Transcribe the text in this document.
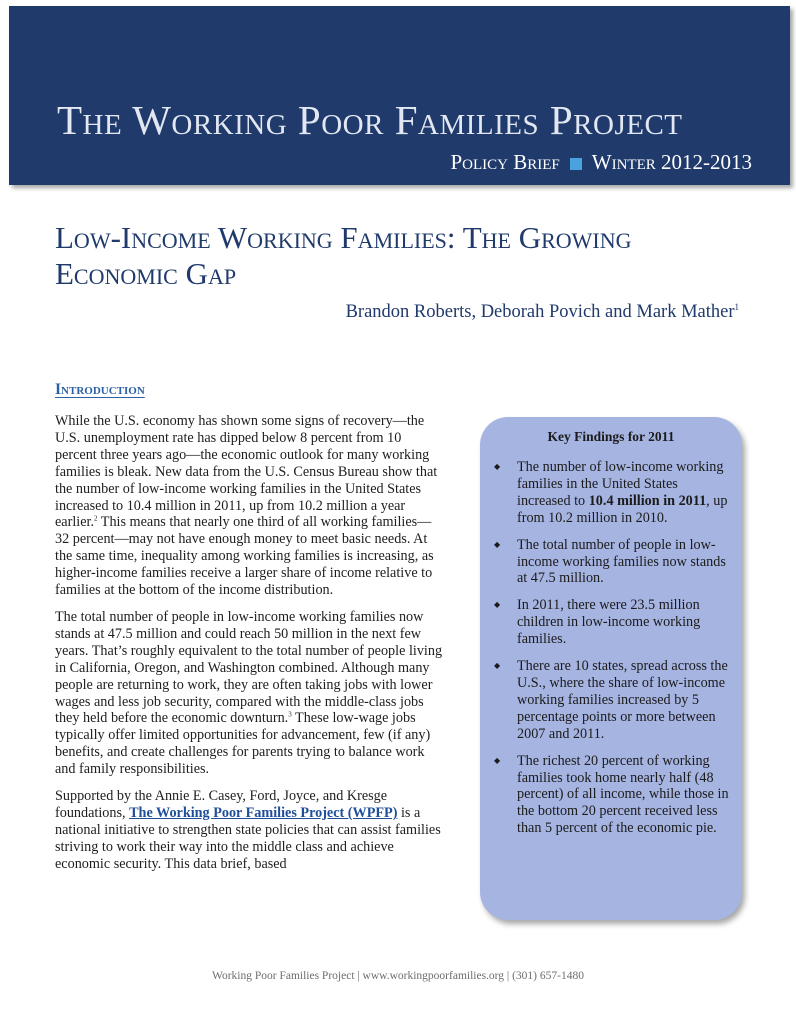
The Working Poor Families Project
Policy Brief Winter 2012-2013
Low-Income Working Families: The Growing
Economic Gap
Brandon Roberts, Deborah Povich and Mark Mather$^1$
Introduction

While the U.S. economy has shown some signs of recovery—the U.S. unemployment rate has dipped below 8 percent from 10 percent three years ago—the economic outlook for many working families is bleak. New data from the U.S. Census Bureau show that the number of low-income working families in the United States increased to 10.4 million in 2011, up from 10.2 million a year earlier.$^2$ This means that nearly one third of all working families—32 percent—may not have enough money to meet basic needs. At the same time, inequality among working families is increasing, as higher-income families receive a larger share of income relative to families at the bottom of the income distribution.

The total number of people in low-income working families now stands at 47.5 million and could reach 50 million in the next few years. That’s roughly equivalent to the total number of people living in California, Oregon, and Washington combined. Although many people are returning to work, they are often taking jobs with lower wages and less job security, compared with the middle-class jobs they held before the economic downturn.$^3$ These low-wage jobs typically offer limited opportunities for advancement, few (if any) benefits, and create challenges for parents trying to balance work and family responsibilities.

Supported by the Annie E. Casey, Ford, Joyce, and Kresge foundations, The Working Poor Families Project (WPFP) is a national initiative to strengthen state policies that can assist families striving to work their way into the middle class and achieve economic security. This data brief, based

Key Findings for 2011
◆ The number of low-income working families in the United States increased to 10.4 million in 2011, up from 10.2 million in 2010.
◆ The total number of people in low-income working families now stands at 47.5 million.
◆ In 2011, there were 23.5 million children in low-income working families.
◆ There are 10 states, spread across the U.S., where the share of low-income working families increased by 5 percentage points or more between 2007 and 2011.
◆ The richest 20 percent of working families took home nearly half (48 percent) of all income, while those in the bottom 20 percent received less than 5 percent of the economic pie.
Working Poor Families Project | www.workingpoorfamilies.org | (301) 657-1480
